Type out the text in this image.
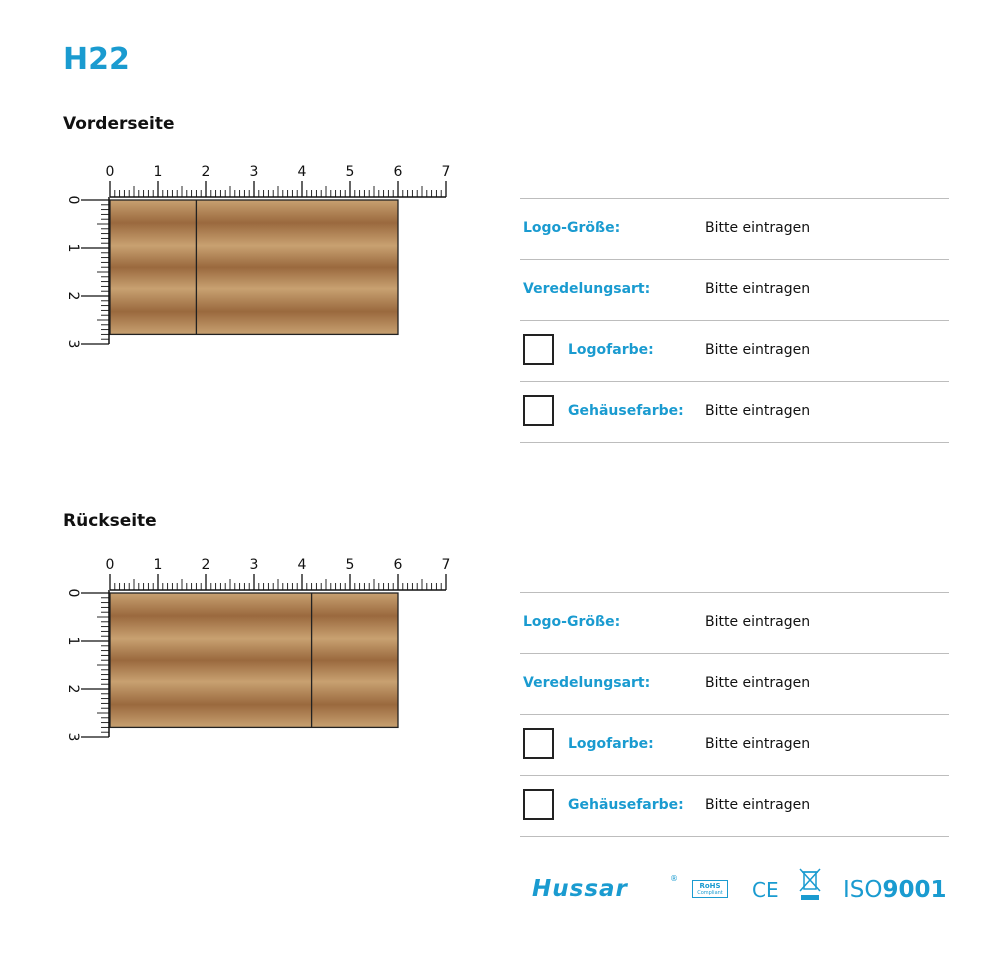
H22
Vorderseite
0	1	2	3	4	5	6	7
0
1
2
3
Logo-Größe:	Bitte eintragen
Veredelungsart:	Bitte eintragen
Logofarbe:	Bitte eintragen
Gehäusefarbe: Bitte eintragen
Rückseite
0	1	2	3	4	5	6	7
0
1
2
3
Logo-Größe:	Bitte eintragen
Veredelungsart:	Bitte eintragen
Logofarbe:	Bitte eintragen
Gehäusefarbe: Bitte eintragen
Hussar	®
RoHS
Compliant CE	ISO9001
